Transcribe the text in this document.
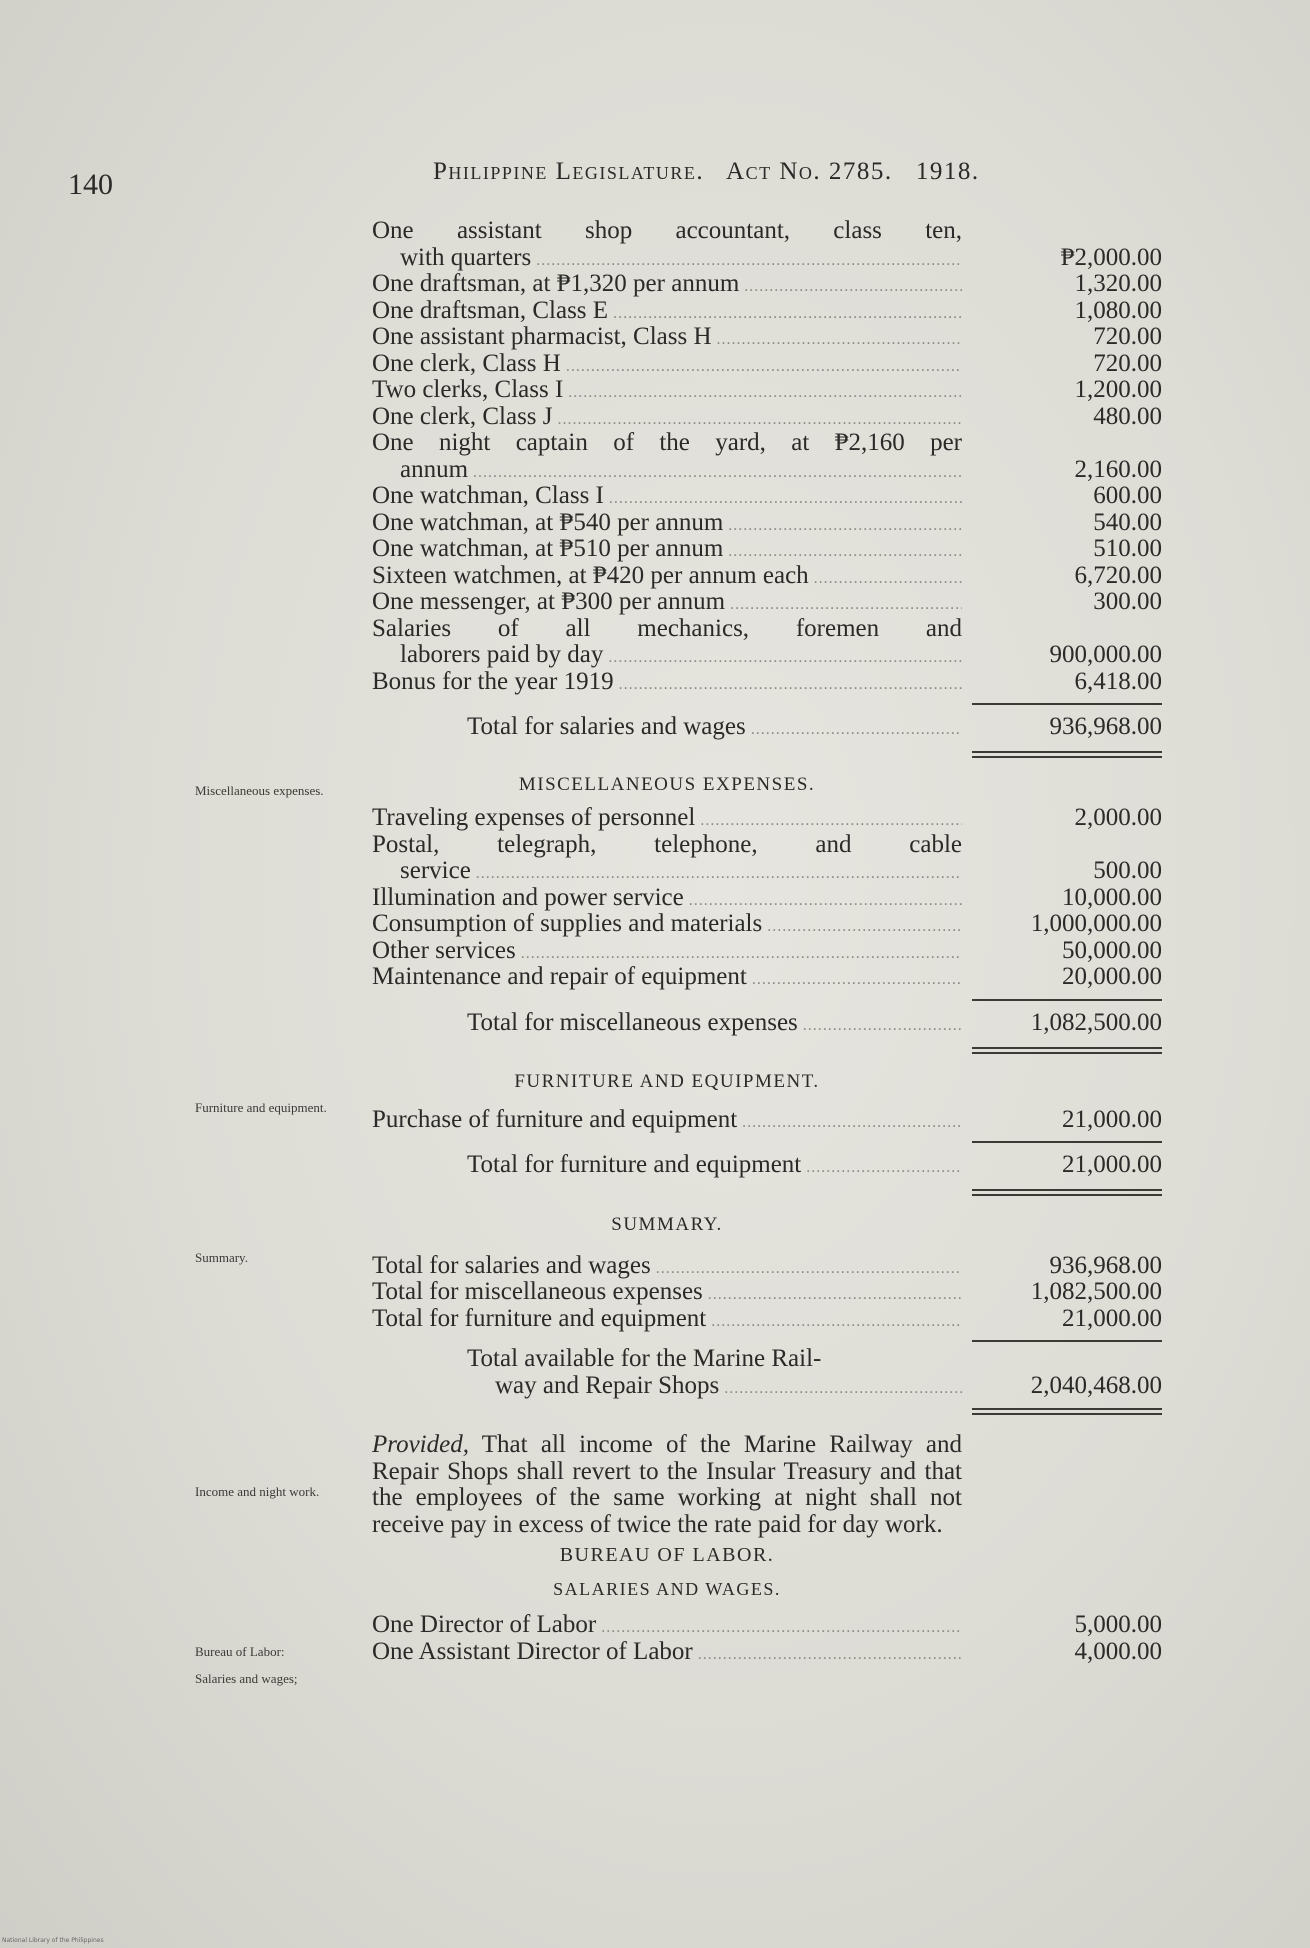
140	Philippine Legislature. Act No. 2785. 1918.
Miscellaneous expenses.
Furniture and equipment.
Summary.
Income and night work.
Bureau of Labor:
Salaries and wages;
One assistant shop accountant, class ten,
with quarters .....	₱2,000.00
One draftsman, at ₱1,320 per annum .....	1,320.00
One draftsman, Class E .....	1,080.00
One assistant pharmacist, Class H .....	720.00
One clerk, Class H .....	720.00
Two clerks, Class I .....	1,200.00
One clerk, Class J .....	480.00
One night captain of the yard, at ₱2,160 per
annum .....	2,160.00
One watchman, Class I .....	600.00
One watchman, at ₱540 per annum .....	540.00
One watchman, at ₱510 per annum .....	510.00
Sixteen watchmen, at ₱420 per annum each .....	6,720.00
One messenger, at ₱300 per annum .....	300.00
Salaries of all mechanics, foremen and
laborers paid by day .....	900,000.00
Bonus for the year 1919 .....	6,418.00
Total for salaries and wages .....	936,968.00
MISCELLANEOUS EXPENSES.
Traveling expenses of personnel .....	2,000.00
Postal, telegraph, telephone, and cable
service .....	500.00
Illumination and power service .....	10,000.00
Consumption of supplies and materials .....	1,000,000.00
Other services .....	50,000.00
Maintenance and repair of equipment .....	20,000.00
Total for miscellaneous expenses .....	1,082,500.00
FURNITURE AND EQUIPMENT.
Purchase of furniture and equipment .....	21,000.00
Total for furniture and equipment .....	21,000.00
SUMMARY.
Total for salaries and wages .....	936,968.00
Total for miscellaneous expenses .....	1,082,500.00
Total for furniture and equipment .....	21,000.00
Total available for the Marine Rail-
way and Repair Shops .....	2,040,468.00
Provided, That all income of the Marine Railway and Repair Shops shall revert to the Insular Treasury and that the employees of the same working at night shall not receive pay in excess of twice the rate paid for day work.
BUREAU OF LABOR.
SALARIES AND WAGES.
One Director of Labor .....	5,000.00
One Assistant Director of Labor .....	4,000.00
National Library of the Philippines
